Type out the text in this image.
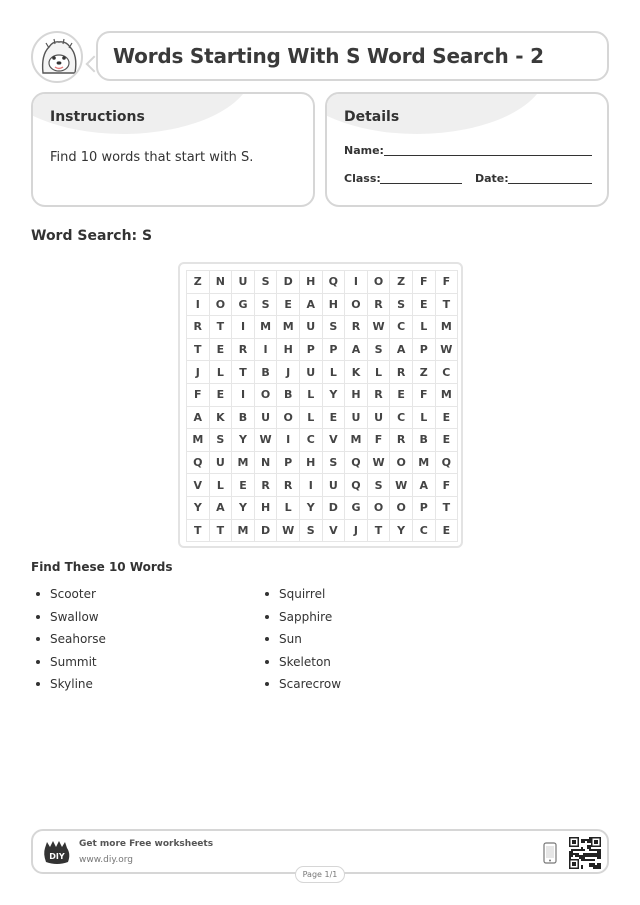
Words Starting With S Word Search - 2
Instructions
Find 10 words that start with S.
Details
Name:
Class:	Date:
Word Search: S
Z	N	U	S	D	H	Q	I	O	Z	F	F
I	O	G	S	E	A	H	O	R	S	E	T
R	T	I	M	M	U	S	R	W	C	L	M
T	E	R	I	H	P	P	A	S	A	P	W
J	L	T	B	J	U	L	K	L	R	Z	C
F	E	I	O	B	L	Y	H	R	E	F	M
A	K	B	U	O	L	E	U	U	C	L	E
M	S	Y	W	I	C	V	M	F	R	B	E
Q	U	M	N	P	H	S	Q	W	O	M	Q
V	L	E	R	R	I	U	Q	S	W	A	F
Y	A	Y	H	L	Y	D	G	O	O	P	T
T	T	M	D	W	S	V	J	T	Y	C	E
Find These 10 Words
Scooter
Swallow
Seahorse
Summit
Skyline
Squirrel
Sapphire
Sun
Skeleton
Scarecrow
DIY
Get more Free worksheets
www.diy.org
Page 1/1
